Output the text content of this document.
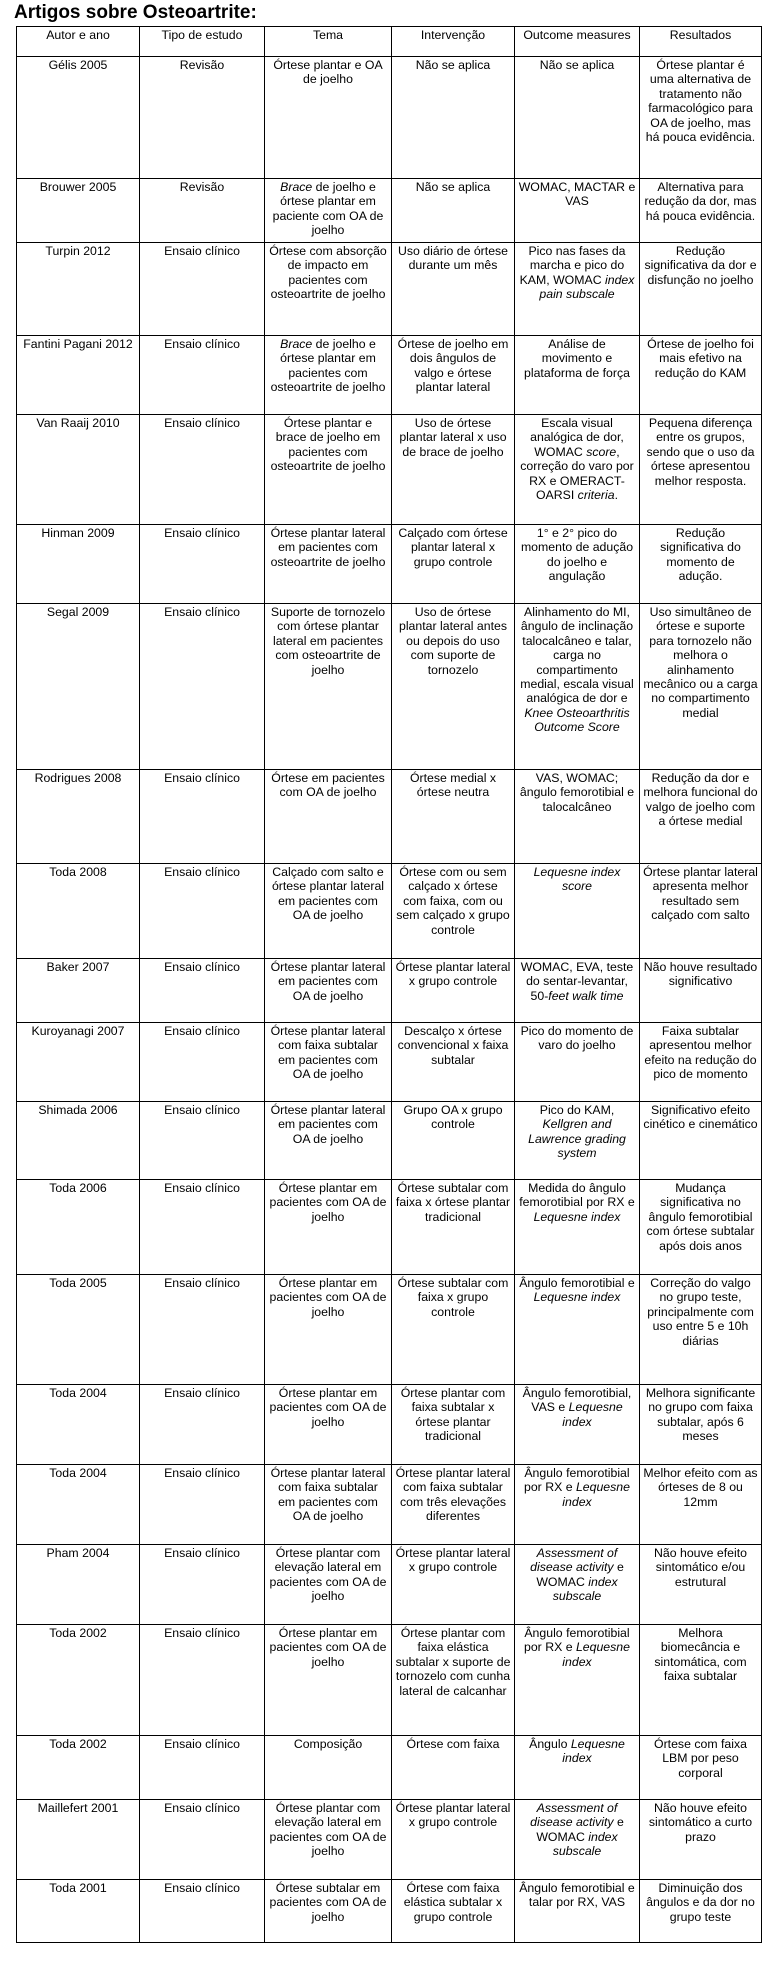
Artigos sobre Osteoartrite:
Autor e ano	Tipo de estudo	Tema	Intervenção	Outcome measures	Resultados
Gélis 2005	Revisão	Órtese plantar e OA de joelho	Não se aplica	Não se aplica	Órtese plantar é uma alternativa de tratamento não farmacológico para OA de joelho, mas há pouca evidência.
Brouwer 2005	Revisão	Brace de joelho e órtese plantar em paciente com OA de joelho	Não se aplica	WOMAC, MACTAR e VAS	Alternativa para redução da dor, mas há pouca evidência.
Turpin 2012	Ensaio clínico	Órtese com absorção de impacto em pacientes com osteoartrite de joelho	Uso diário de órtese durante um mês	Pico nas fases da marcha e pico do KAM, WOMAC index pain subscale	Redução significativa da dor e disfunção no joelho
Fantini Pagani 2012	Ensaio clínico	Brace de joelho e órtese plantar em pacientes com osteoartrite de joelho	Órtese de joelho em dois ângulos de valgo e órtese plantar lateral	Análise de movimento e plataforma de força	Órtese de joelho foi mais efetivo na redução do KAM
Van Raaij 2010	Ensaio clínico	Órtese plantar e brace de joelho em pacientes com osteoartrite de joelho	Uso de órtese plantar lateral x uso de brace de joelho	Escala visual analógica de dor, WOMAC score, correção do varo por RX e OMERACT-OARSI criteria.	Pequena diferença entre os grupos, sendo que o uso da órtese apresentou melhor resposta.
Hinman 2009	Ensaio clínico	Órtese plantar lateral em pacientes com osteoartrite de joelho	Calçado com órtese plantar lateral x grupo controle	1° e 2° pico do momento de adução do joelho e angulação	Redução significativa do momento de adução.
Segal 2009	Ensaio clínico	Suporte de tornozelo com órtese plantar lateral em pacientes com osteoartrite de joelho	Uso de órtese plantar lateral antes ou depois do uso com suporte de tornozelo	Alinhamento do MI, ângulo de inclinação talocalcâneo e talar, carga no compartimento medial, escala visual analógica de dor e Knee Osteoarthritis Outcome Score	Uso simultâneo de órtese e suporte para tornozelo não melhora o alinhamento mecânico ou a carga no compartimento medial
Rodrigues 2008	Ensaio clínico	Órtese em pacientes com OA de joelho	Órtese medial x órtese neutra	VAS, WOMAC; ângulo femorotibial e talocalcâneo	Redução da dor e melhora funcional do valgo de joelho com a órtese medial
Toda 2008	Ensaio clínico	Calçado com salto e órtese plantar lateral em pacientes com OA de joelho	Órtese com ou sem calçado x órtese com faixa, com ou sem calçado x grupo controle	Lequesne index score	Órtese plantar lateral apresenta melhor resultado sem calçado com salto
Baker 2007	Ensaio clínico	Órtese plantar lateral em pacientes com OA de joelho	Órtese plantar lateral x grupo controle	WOMAC, EVA, teste do sentar-levantar, 50-feet walk time	Não houve resultado significativo
Kuroyanagi 2007	Ensaio clínico	Órtese plantar lateral com faixa subtalar em pacientes com OA de joelho	Descalço x órtese convencional x faixa subtalar	Pico do momento de varo do joelho	Faixa subtalar apresentou melhor efeito na redução do pico de momento
Shimada 2006	Ensaio clínico	Órtese plantar lateral em pacientes com OA de joelho	Grupo OA x grupo controle	Pico do KAM, Kellgren and Lawrence grading system	Significativo efeito cinético e cinemático
Toda 2006	Ensaio clínico	Órtese plantar em pacientes com OA de joelho	Órtese subtalar com faixa x órtese plantar tradicional	Medida do ângulo femorotibial por RX e Lequesne index	Mudança significativa no ângulo femorotibial com órtese subtalar após dois anos
Toda 2005	Ensaio clínico	Órtese plantar em pacientes com OA de joelho	Órtese subtalar com faixa x grupo controle	Ângulo femorotibial e Lequesne index	Correção do valgo no grupo teste, principalmente com uso entre 5 e 10h diárias
Toda 2004	Ensaio clínico	Órtese plantar em pacientes com OA de joelho	Órtese plantar com faixa subtalar x órtese plantar tradicional	Ângulo femorotibial, VAS e Lequesne index	Melhora significante no grupo com faixa subtalar, após 6 meses
Toda 2004	Ensaio clínico	Órtese plantar lateral com faixa subtalar em pacientes com OA de joelho	Órtese plantar lateral com faixa subtalar com três elevações diferentes	Ângulo femorotibial por RX e Lequesne index	Melhor efeito com as órteses de 8 ou 12mm
Pham 2004	Ensaio clínico	Órtese plantar com elevação lateral em pacientes com OA de joelho	Órtese plantar lateral x grupo controle	Assessment of disease activity e WOMAC index subscale	Não houve efeito sintomático e/ou estrutural
Toda 2002	Ensaio clínico	Órtese plantar em pacientes com OA de joelho	Órtese plantar com faixa elástica subtalar x suporte de tornozelo com cunha lateral de calcanhar	Ângulo femorotibial por RX e Lequesne index	Melhora biomecância e sintomática, com faixa subtalar
Toda 2002	Ensaio clínico	Composição	Órtese com faixa	Ângulo Lequesne index	Órtese com faixa LBM por peso corporal
Maillefert 2001	Ensaio clínico	Órtese plantar com elevação lateral em pacientes com OA de joelho	Órtese plantar lateral x grupo controle	Assessment of disease activity e WOMAC index subscale	Não houve efeito sintomático a curto prazo
Toda 2001	Ensaio clínico	Órtese subtalar em pacientes com OA de joelho	Órtese com faixa elástica subtalar x grupo controle	Ângulo femorotibial e talar por RX, VAS	Diminuição dos ângulos e da dor no grupo teste
